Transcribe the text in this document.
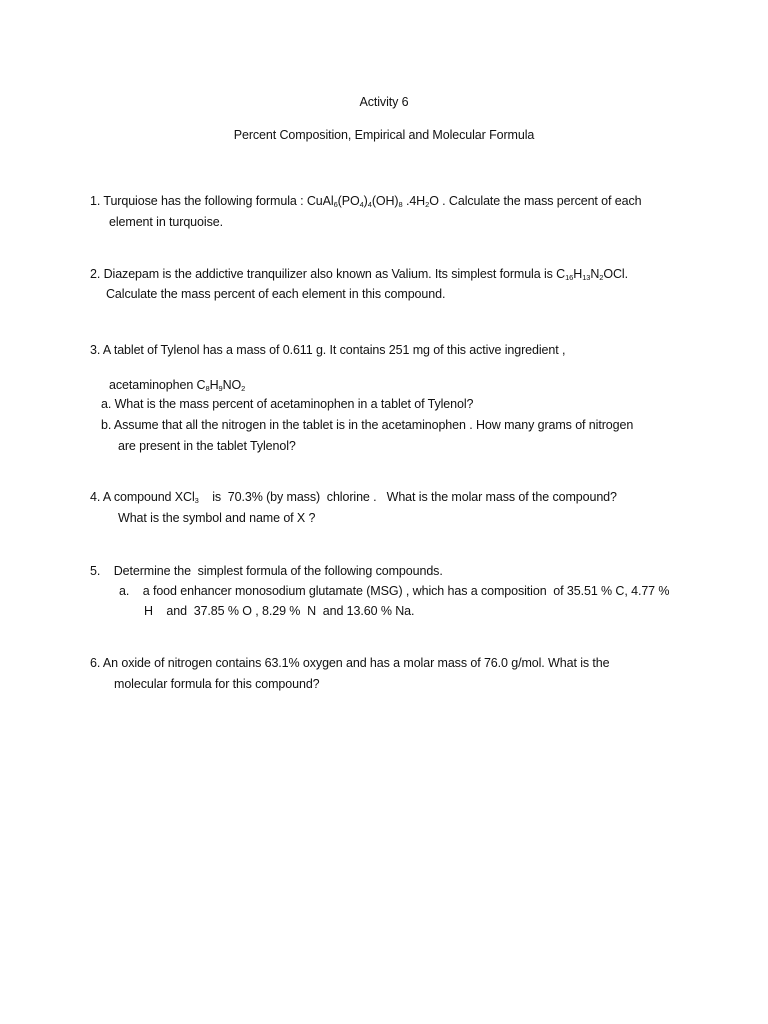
Activity 6
Percent Composition, Empirical and Molecular Formula
1. Turquiose has the following formula : $CuAl_6(PO_4)_4(OH)_8$ $.4H_2O$ . Calculate the mass percent of each
element in turquoise.
2. Diazepam is the addictive tranquilizer also known as Valium. Its simplest formula is $C_{16}H_{13}N_2OCl$.
Calculate the mass percent of each element in this compound.
3. A tablet of Tylenol has a mass of 0.611 g. It contains 251 mg of this active ingredient ,
acetaminophen $C_8H_9NO_2$
a. What is the mass percent of acetaminophen in a tablet of Tylenol?
b. Assume that all the nitrogen in the tablet is in the acetaminophen . How many grams of nitrogen
are present in the tablet Tylenol?
4. A compound XCl$_3$    is  70.3% (by mass)  chlorine .   What is the molar mass of the compound?
What is the symbol and name of X ?
5.    Determine the  simplest formula of the following compounds.
a.    a food enhancer monosodium glutamate (MSG) , which has a composition  of 35.51 % C, 4.77 %
H    and  37.85 % O , 8.29 %  N  and 13.60 % Na.
6. An oxide of nitrogen contains 63.1% oxygen and has a molar mass of 76.0 g/mol. What is the
molecular formula for this compound?
